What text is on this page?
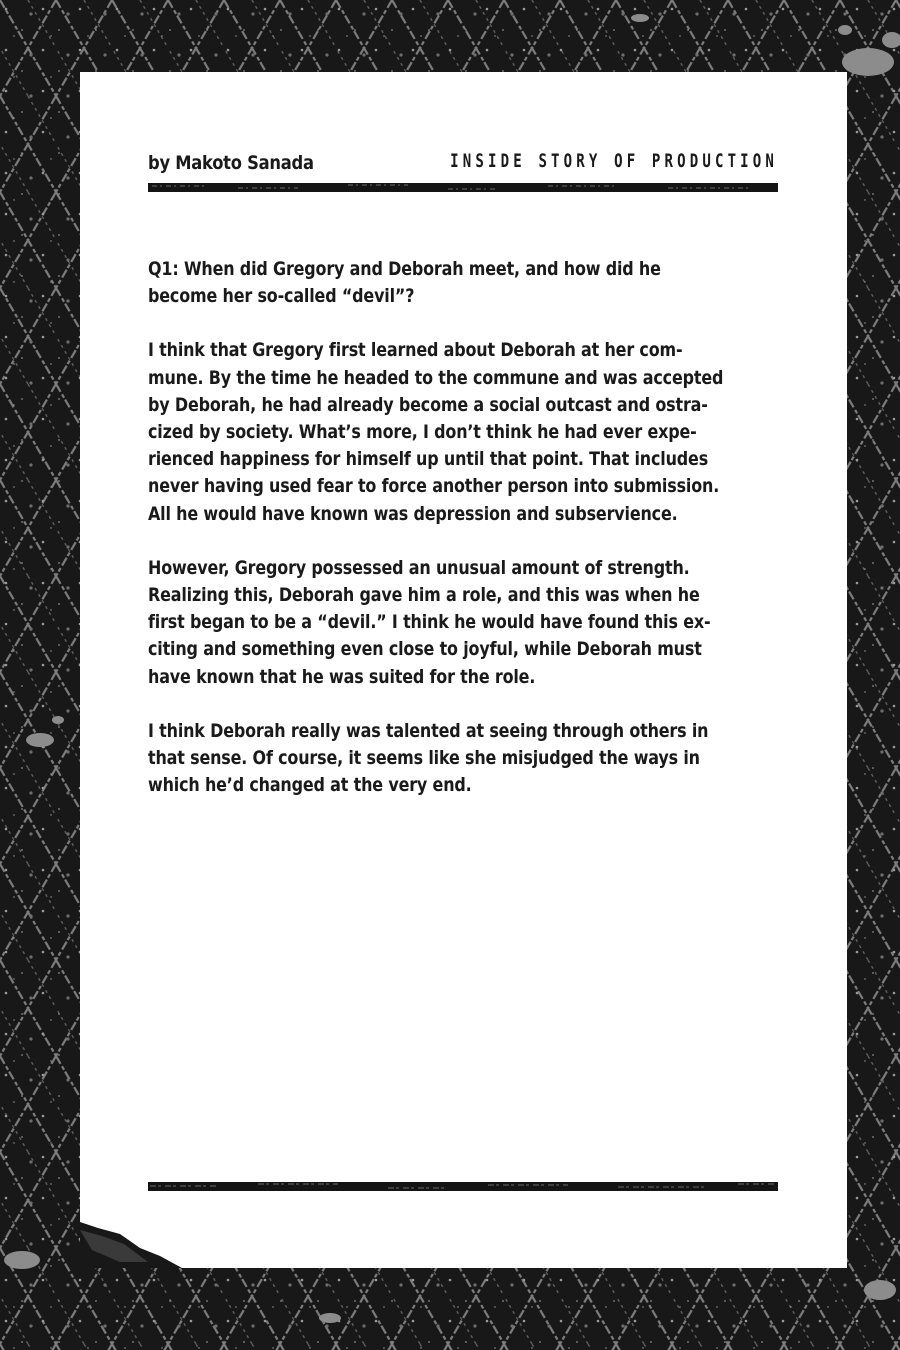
by Makoto Sanada	INSIDE STORY OF PRODUCTION

Q1: When did Gregory and Deborah meet, and how did he
become her so-called “devil”?

I think that Gregory first learned about Deborah at her com-
mune. By the time he headed to the commune and was accepted
by Deborah, he had already become a social outcast and ostra-
cized by society. What’s more, I don’t think he had ever expe-
rienced happiness for himself up until that point. That includes
never having used fear to force another person into submission.
All he would have known was depression and subservience.

However, Gregory possessed an unusual amount of strength.
Realizing this, Deborah gave him a role, and this was when he
first began to be a “devil.” I think he would have found this ex-
citing and something even close to joyful, while Deborah must
have known that he was suited for the role.

I think Deborah really was talented at seeing through others in
that sense. Of course, it seems like she misjudged the ways in
which he’d changed at the very end.
